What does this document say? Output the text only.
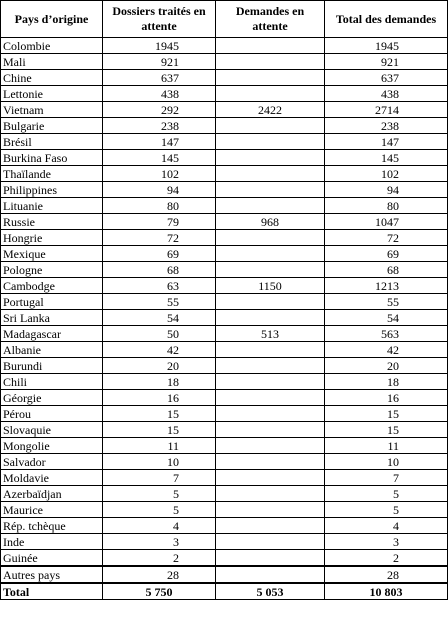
Pays d’origine	Dossiers traités en attente	Demandes en attente	Total des demandes
Colombie	1945		1945
Mali	921		921
Chine	637		637
Lettonie	438		438
Vietnam	292	2422	2714
Bulgarie	238		238
Brésil	147		147
Burkina Faso	145		145
Thaïlande	102		102
Philippines	94		94
Lituanie	80		80
Russie	79	968	1047
Hongrie	72		72
Mexique	69		69
Pologne	68		68
Cambodge	63	1150	1213
Portugal	55		55
Sri Lanka	54		54
Madagascar	50	513	563
Albanie	42		42
Burundi	20		20
Chili	18		18
Géorgie	16		16
Pérou	15		15
Slovaquie	15		15
Mongolie	11		11
Salvador	10		10
Moldavie	7		7
Azerbaïdjan	5		5
Maurice	5		5
Rép. tchèque	4		4
Inde	3		3
Guinée	2		2
Autres pays	28		28
Total	5 750	5 053	10 803
